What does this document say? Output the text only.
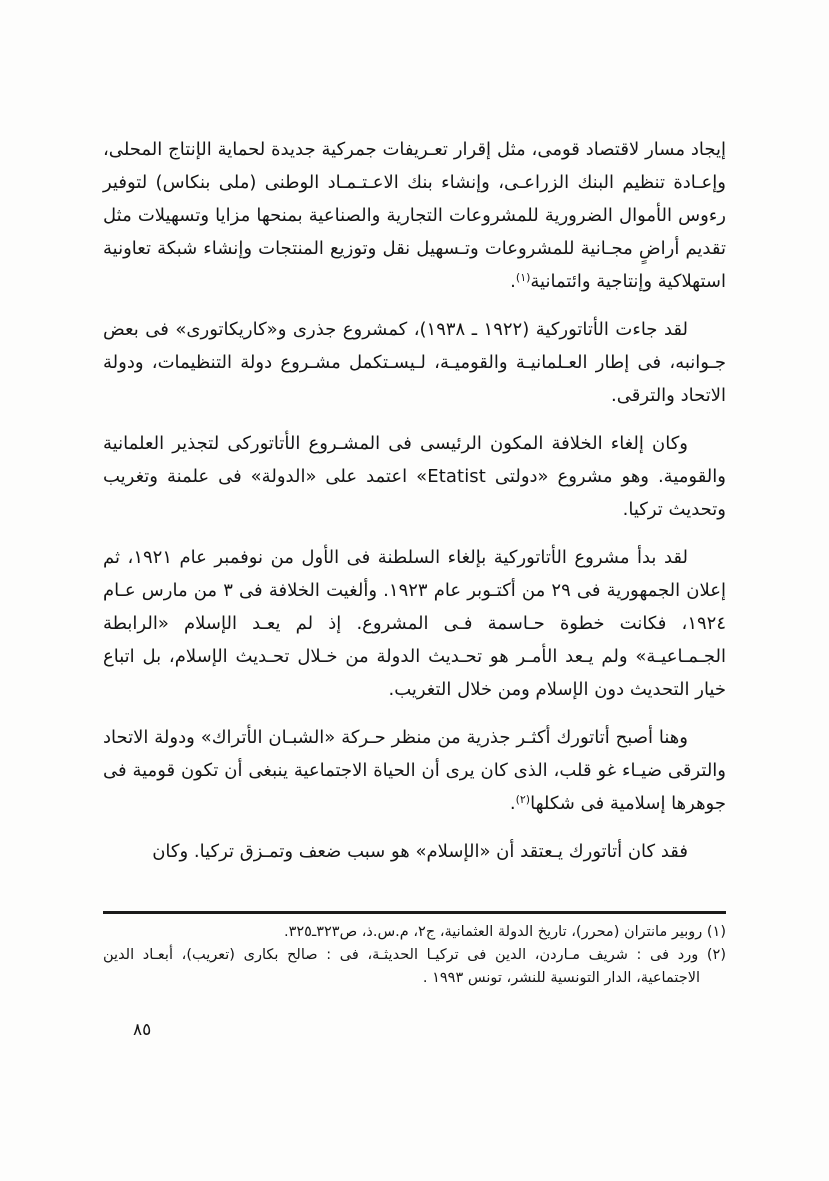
إيجاد مسار لاقتصاد قومى، مثل إقرار تعـريفات جمركية جديدة لحماية الإنتاج المحلى، وإعـادة تنظيم البنك الزراعـى، وإنشاء بنك الاعـتـمـاد الوطنى (ملى بنكاس) لتوفير رءوس الأموال الضرورية للمشروعات التجارية والصناعية بمنحها مزايا وتسهيلات مثل تقديم أراضٍ مجـانية للمشروعات وتـسهيل نقل وتوزيع المنتجات وإنشاء شبكة تعاونية استهلاكية وإنتاجية وائتمانية$^{(١)}$.

لقد جاءت الأتاتوركية (١٩٢٢ ـ ١٩٣٨)، كمشروع جذرى و«كاريكاتورى» فى بعض جـوانبه، فى إطار العـلمانيـة والقوميـة، لـيسـتكمل مشـروع دولة التنظيمات، ودولة الاتحاد والترقى.

وكان إلغاء الخلافة المكون الرئيسى فى المشـروع الأتاتوركى لتجذير العلمانية والقومية. وهو مشروع «دولتى Etatist» اعتمد على «الدولة» فى علمنة وتغريب وتحديث تركيا.

لقد بدأ مشروع الأتاتوركية بإلغاء السلطنة فى الأول من نوفمبر عام ١٩٢١، ثم إعلان الجمهورية فى ٢٩ من أكتـوبر عام ١٩٢٣. وألغيت الخلافة فى ٣ من مارس عـام ١٩٢٤، فكانت خطوة حـاسمة فـى المشروع. إذ لم يعـد الإسلام «الرابطة الجـمـاعيـة» ولم يـعد الأمـر هو تحـديث الدولة من خـلال تحـديث الإسلام، بل اتباع خيار التحديث دون الإسلام ومن خلال التغريب.

وهنا أصبح أتاتورك أكثـر جذرية من منظر حـركة «الشبـان الأتراك» ودولة الاتحاد والترقى ضيـاء غو قلب، الذى كان يرى أن الحياة الاجتماعية ينبغى أن تكون قومية فى جوهرها إسلامية فى شكلها$^{(٢)}$.

فقد كان أتاتورك يـعتقد أن «الإسلام» هو سبب ضعف وتمـزق تركيا. وكان

(١) روبير مانتران (محرر)، تاريخ الدولة العثمانية، ج٢، م.س.ذ، ص٣٢٣ـ٣٢٥.

(٢) ورد فى : شريف مـاردن، الدين فى تركيـا الحديثـة، فى : صالح بكارى (تعريب)، أبعـاد الدين الاجتماعية، الدار التونسية للنشر، تونس ١٩٩٣ .

٨٥
